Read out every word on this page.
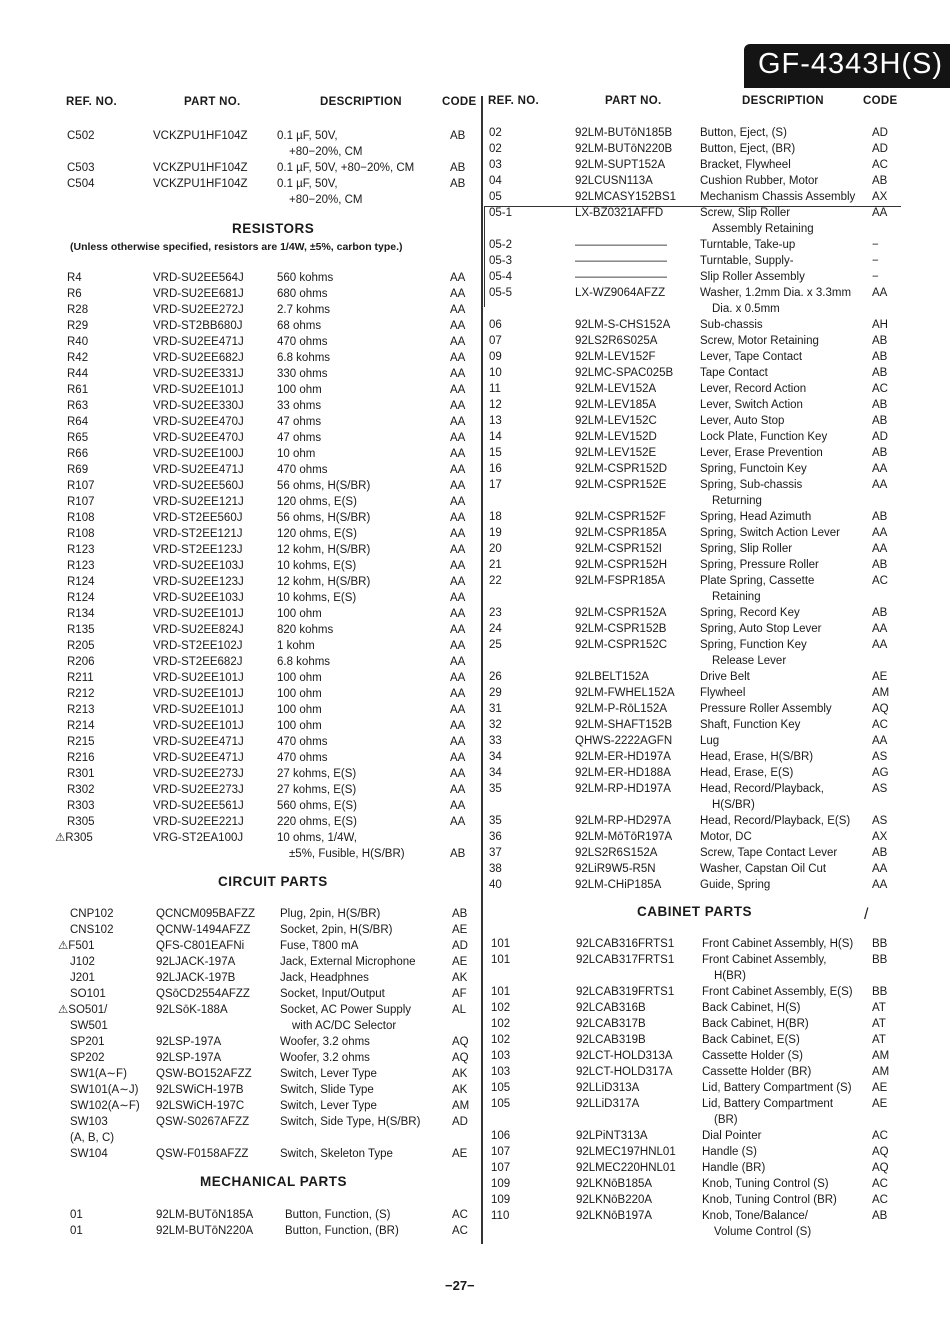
GF-4343H(S)
REF. NO.	PART NO.	DESCRIPTION	CODE REF. NO.	PART NO.	DESCRIPTION	CODE
C502	VCKZPU1HF104Z	0.1 µF, 50V,	AB
+80−20%, CM
C503	VCKZPU1HF104Z	0.1 µF, 50V, +80−20%, CM	AB
C504	VCKZPU1HF104Z	0.1 µF, 50V,	AB
+80−20%, CM
R4	VRD-SU2EE564J	560 kohms	AA
R6	VRD-SU2EE681J	680 ohms	AA
R28	VRD-SU2EE272J	2.7 kohms	AA
R29	VRD-ST2BB680J	68 ohms	AA
R40	VRD-SU2EE471J	470 ohms	AA
R42	VRD-SU2EE682J	6.8 kohms	AA
R44	VRD-SU2EE331J	330 ohms	AA
R61	VRD-SU2EE101J	100 ohm	AA
R63	VRD-SU2EE330J	33 ohms	AA
R64	VRD-SU2EE470J	47 ohms	AA
R65	VRD-SU2EE470J	47 ohms	AA
R66	VRD-SU2EE100J	10 ohm	AA
R69	VRD-SU2EE471J	470 ohms	AA
R107	VRD-SU2EE560J	56 ohms, H(S/BR)	AA
R107	VRD-SU2EE121J	120 ohms, E(S)	AA
R108	VRD-ST2EE560J	56 ohms, H(S/BR)	AA
R108	VRD-ST2EE121J	120 ohms, E(S)	AA
R123	VRD-ST2EE123J	12 kohm, H(S/BR)	AA
R123	VRD-SU2EE103J	10 kohms, E(S)	AA
R124	VRD-SU2EE123J	12 kohm, H(S/BR)	AA
R124	VRD-SU2EE103J	10 kohms, E(S)	AA
R134	VRD-SU2EE101J	100 ohm	AA
R135	VRD-SU2EE824J	820 kohms	AA
R205	VRD-ST2EE102J	1 kohm	AA
R206	VRD-ST2EE682J	6.8 kohms	AA
R211	VRD-SU2EE101J	100 ohm	AA
R212	VRD-SU2EE101J	100 ohm	AA
R213	VRD-SU2EE101J	100 ohm	AA
R214	VRD-SU2EE101J	100 ohm	AA
R215	VRD-SU2EE471J	470 ohms	AA
R216	VRD-SU2EE471J	470 ohms	AA
R301	VRD-SU2EE273J	27 kohms, E(S)	AA
R302	VRD-SU2EE273J	27 kohms, E(S)	AA
R303	VRD-SU2EE561J	560 ohms, E(S)	AA
R305	VRD-SU2EE221J	220 ohms, E(S)	AA
⚠R305	VRG-ST2EA100J	10 ohms, 1/4W,
±5%, Fusible, H(S/BR)	AB
CNP102	QCNCM095BAFZZ Plug, 2pin, H(S/BR)	AB
CNS102	QCNW-1494AFZZ	Socket, 2pin, H(S/BR)	AE
⚠F501	QFS-C801EAFNi	Fuse, T800 mA	AD
J102	92LJACK-197A	Jack, External Microphone	AE
J201	92LJACK-197B	Jack, Headphnes	AK
SO101	QSōCD2554AFZZ	Socket, Input/Output	AF
⚠SO501/	92LSōK-188A	Socket, AC Power Supply	AL
SW501	with AC/DC Selector
SP201	92LSP-197A	Woofer, 3.2 ohms	AQ
SP202	92LSP-197A	Woofer, 3.2 ohms	AQ
SW1(A∼F)	QSW-BO152AFZZ Switch, Lever Type	AK
SW101(A∼J) 92LSWiCH-197B	Switch, Slide Type	AK
SW102(A∼F) 92LSWiCH-197C	Switch, Lever Type	AM
SW103	QSW-S0267AFZZ	Switch, Side Type, H(S/BR)	AD
(A, B, C)
SW104	QSW-F0158AFZZ	Switch, Skeleton Type	AE
01	92LM-BUTōN185A	Button, Function, (S)	AC
01	92LM-BUTōN220A	Button, Function, (BR)	AC
02	92LM-BUTōN185B Button, Eject, (S)	AD
02	92LM-BUTōN220B Button, Eject, (BR)	AD
03	92LM-SUPT152A	Bracket, Flywheel	AC
04	92LCUSN113A	Cushion Rubber, Motor	AB
05	92LMCASY152BS1 Mechanism Chassis Assembly AX
05-1	LX-BZ0321AFFD	Screw, Slip Roller	AA
Assembly Retaining
05-2	————————	Turntable, Take-up	−
05-3	————————	Turntable, Supply-	−
05-4	————————	Slip Roller Assembly	−
05-5	LX-WZ9064AFZZ	Washer, 1.2mm Dia. x 3.3mm AA
Dia. x 0.5mm
06	92LM-S-CHS152A	Sub-chassis	AH
07	92LS2R6S025A	Screw, Motor Retaining	AB
09	92LM-LEV152F	Lever, Tape Contact	AB
10	92LMC-SPAC025B Tape Contact	AB
11	92LM-LEV152A	Lever, Record Action	AC
12	92LM-LEV185A	Lever, Switch Action	AB
13	92LM-LEV152C	Lever, Auto Stop	AB
14	92LM-LEV152D	Lock Plate, Function Key	AD
15	92LM-LEV152E	Lever, Erase Prevention	AB
16	92LM-CSPR152D	Spring, Functoin Key	AA
17	92LM-CSPR152E	Spring, Sub-chassis	AA
Returning
18	92LM-CSPR152F	Spring, Head Azimuth	AB
19	92LM-CSPR185A	Spring, Switch Action Lever	AA
20	92LM-CSPR152I	Spring, Slip Roller	AA
21	92LM-CSPR152H	Spring, Pressure Roller	AB
22	92LM-FSPR185A	Plate Spring, Cassette	AC
Retaining
23	92LM-CSPR152A	Spring, Record Key	AB
24	92LM-CSPR152B	Spring, Auto Stop Lever	AA
25	92LM-CSPR152C	Spring, Function Key	AA
Release Lever
26	92LBELT152A	Drive Belt	AE
29	92LM-FWHEL152A Flywheel	AM
31	92LM-P-RōL152A	Pressure Roller Assembly	AQ
32	92LM-SHAFT152B Shaft, Function Key	AC
33	QHWS-2222AGFN Lug	AA
34	92LM-ER-HD197A	Head, Erase, H(S/BR)	AS
34	92LM-ER-HD188A	Head, Erase, E(S)	AG
35	92LM-RP-HD197A	Head, Record/Playback,	AS
H(S/BR)
35	92LM-RP-HD297A	Head, Record/Playback, E(S) AS
36	92LM-MōTōR197A Motor, DC	AX
37	92LS2R6S152A	Screw, Tape Contact Lever	AB
38	92LiR9W5-R5N	Washer, Capstan Oil Cut	AA
40	92LM-CHiP185A	Guide, Spring	AA
101	92LCAB316FRTS1 Front Cabinet Assembly, H(S) BB
101	92LCAB317FRTS1 Front Cabinet Assembly,	BB
H(BR)
101	92LCAB319FRTS1 Front Cabinet Assembly, E(S) BB
102	92LCAB316B	Back Cabinet, H(S)	AT
102	92LCAB317B	Back Cabinet, H(BR)	AT
102	92LCAB319B	Back Cabinet, E(S)	AT
103	92LCT-HOLD313A	Cassette Holder (S)	AM
103	92LCT-HOLD317A	Cassette Holder (BR)	AM
105	92LLiD313A	Lid, Battery Compartment (S) AE
105	92LLiD317A	Lid, Battery Compartment	AE
(BR)
106	92LPiNT313A	Dial Pointer	AC
107	92LMEC197HNL01 Handle (S)	AQ
107	92LMEC220HNL01 Handle (BR)	AQ
109	92LKNōB185A	Knob, Tuning Control (S)	AC
109	92LKNōB220A	Knob, Tuning Control (BR)	AC
110	92LKNōB197A	Knob, Tone/Balance/	AB
Volume Control (S)
RESISTORS
(Unless otherwise specified, resistors are 1/4W, ±5%, carbon type.)
CIRCUIT PARTS
MECHANICAL PARTS
CABINET PARTS	/
−27−
